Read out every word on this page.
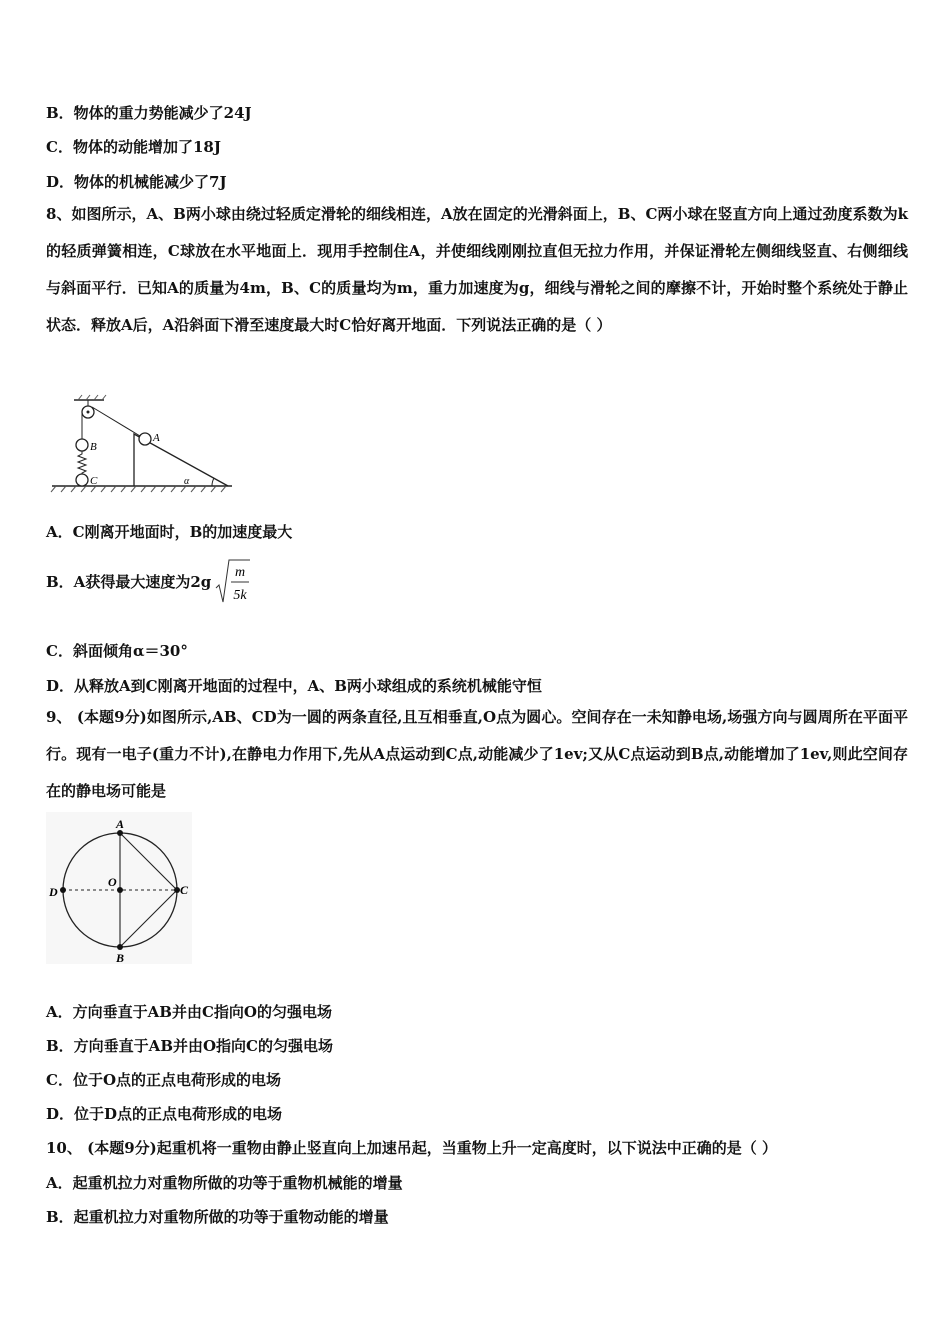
B．物体的重力势能减少了24J
C．物体的动能增加了18J
D．物体的机械能减少了7J
8、如图所示，A、B两小球由绕过轻质定滑轮的细线相连，A放在固定的光滑斜面上，B、C两小球在竖直方向上通过劲度系数为k的轻质弹簧相连，C球放在水平地面上．现用手控制住A，并使细线刚刚拉直但无拉力作用，并保证滑轮左侧细线竖直、右侧细线与斜面平行．已知A的质量为4m，B、C的质量均为m，重力加速度为g，细线与滑轮之间的摩擦不计，开始时整个系统处于静止状态．释放A后，A沿斜面下滑至速度最大时C恰好离开地面．下列说法正确的是（ ）
B
C
A
α
A．C刚离开地面时，B的加速度最大
B．A获得最大速度为2g
m
5k
C．斜面倾角α＝30°
D．从释放A到C刚离开地面的过程中，A、B两小球组成的系统机械能守恒
9、 (本题9分)如图所示,AB、CD为一圆的两条直径,且互相垂直,O点为圆心。空间存在一未知静电场,场强方向与圆周所在平面平行。现有一电子(重力不计),在静电力作用下,先从A点运动到C点,动能减少了1ev;又从C点运动到B点,动能增加了1ev,则此空间存在的静电场可能是
A
B
C
D
O
A．方向垂直于AB并由C指向O的匀强电场
B．方向垂直于AB并由O指向C的匀强电场
C．位于O点的正点电荷形成的电场
D．位于D点的正点电荷形成的电场
10、 (本题9分)起重机将一重物由静止竖直向上加速吊起，当重物上升一定高度时，以下说法中正确的是（ ）
A．起重机拉力对重物所做的功等于重物机械能的增量
B．起重机拉力对重物所做的功等于重物动能的增量
